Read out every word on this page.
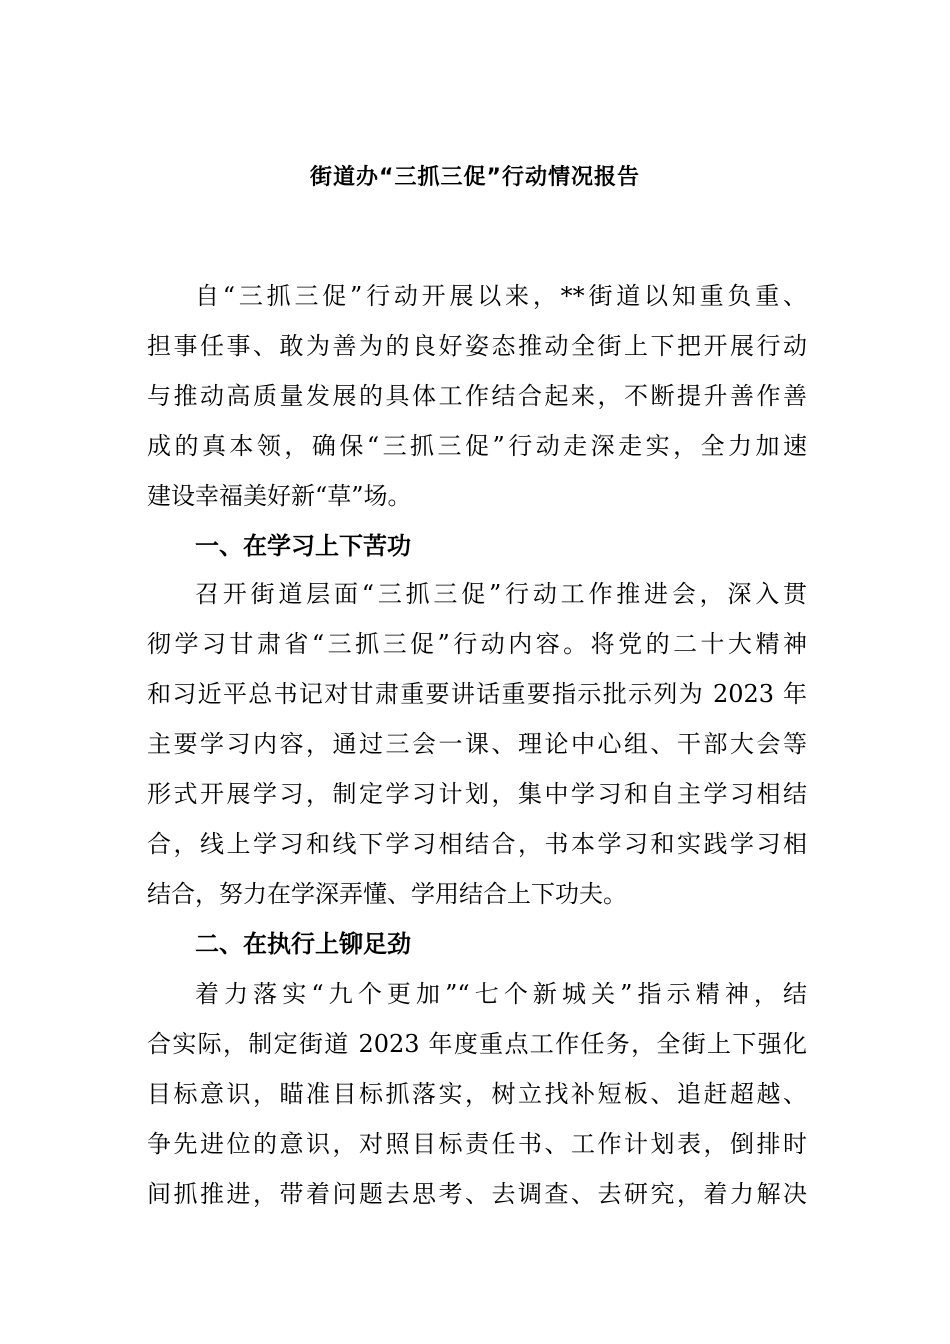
街道办“三抓三促”行动情况报告
自“三抓三促”行动开展以来，**街道以知重负重、
担事任事、敢为善为的良好姿态推动全街上下把开展行动
与推动高质量发展的具体工作结合起来，不断提升善作善
成的真本领，确保“三抓三促”行动走深走实，全力加速
建设幸福美好新“草”场。
一、在学习上下苦功
召开街道层面“三抓三促”行动工作推进会，深入贯
彻学习甘肃省“三抓三促”行动内容。将党的二十大精神
和习近平总书记对甘肃重要讲话重要指示批示列为 2023 年
主要学习内容，通过三会一课、理论中心组、干部大会等
形式开展学习，制定学习计划，集中学习和自主学习相结
合，线上学习和线下学习相结合，书本学习和实践学习相
结合，努力在学深弄懂、学用结合上下功夫。
二、在执行上铆足劲
着力落实“九个更加”“七个新城关”指示精神，结
合实际，制定街道 2023 年度重点工作任务，全街上下强化
目标意识，瞄准目标抓落实，树立找补短板、追赶超越、
争先进位的意识，对照目标责任书、工作计划表，倒排时
间抓推进，带着问题去思考、去调查、去研究，着力解决
